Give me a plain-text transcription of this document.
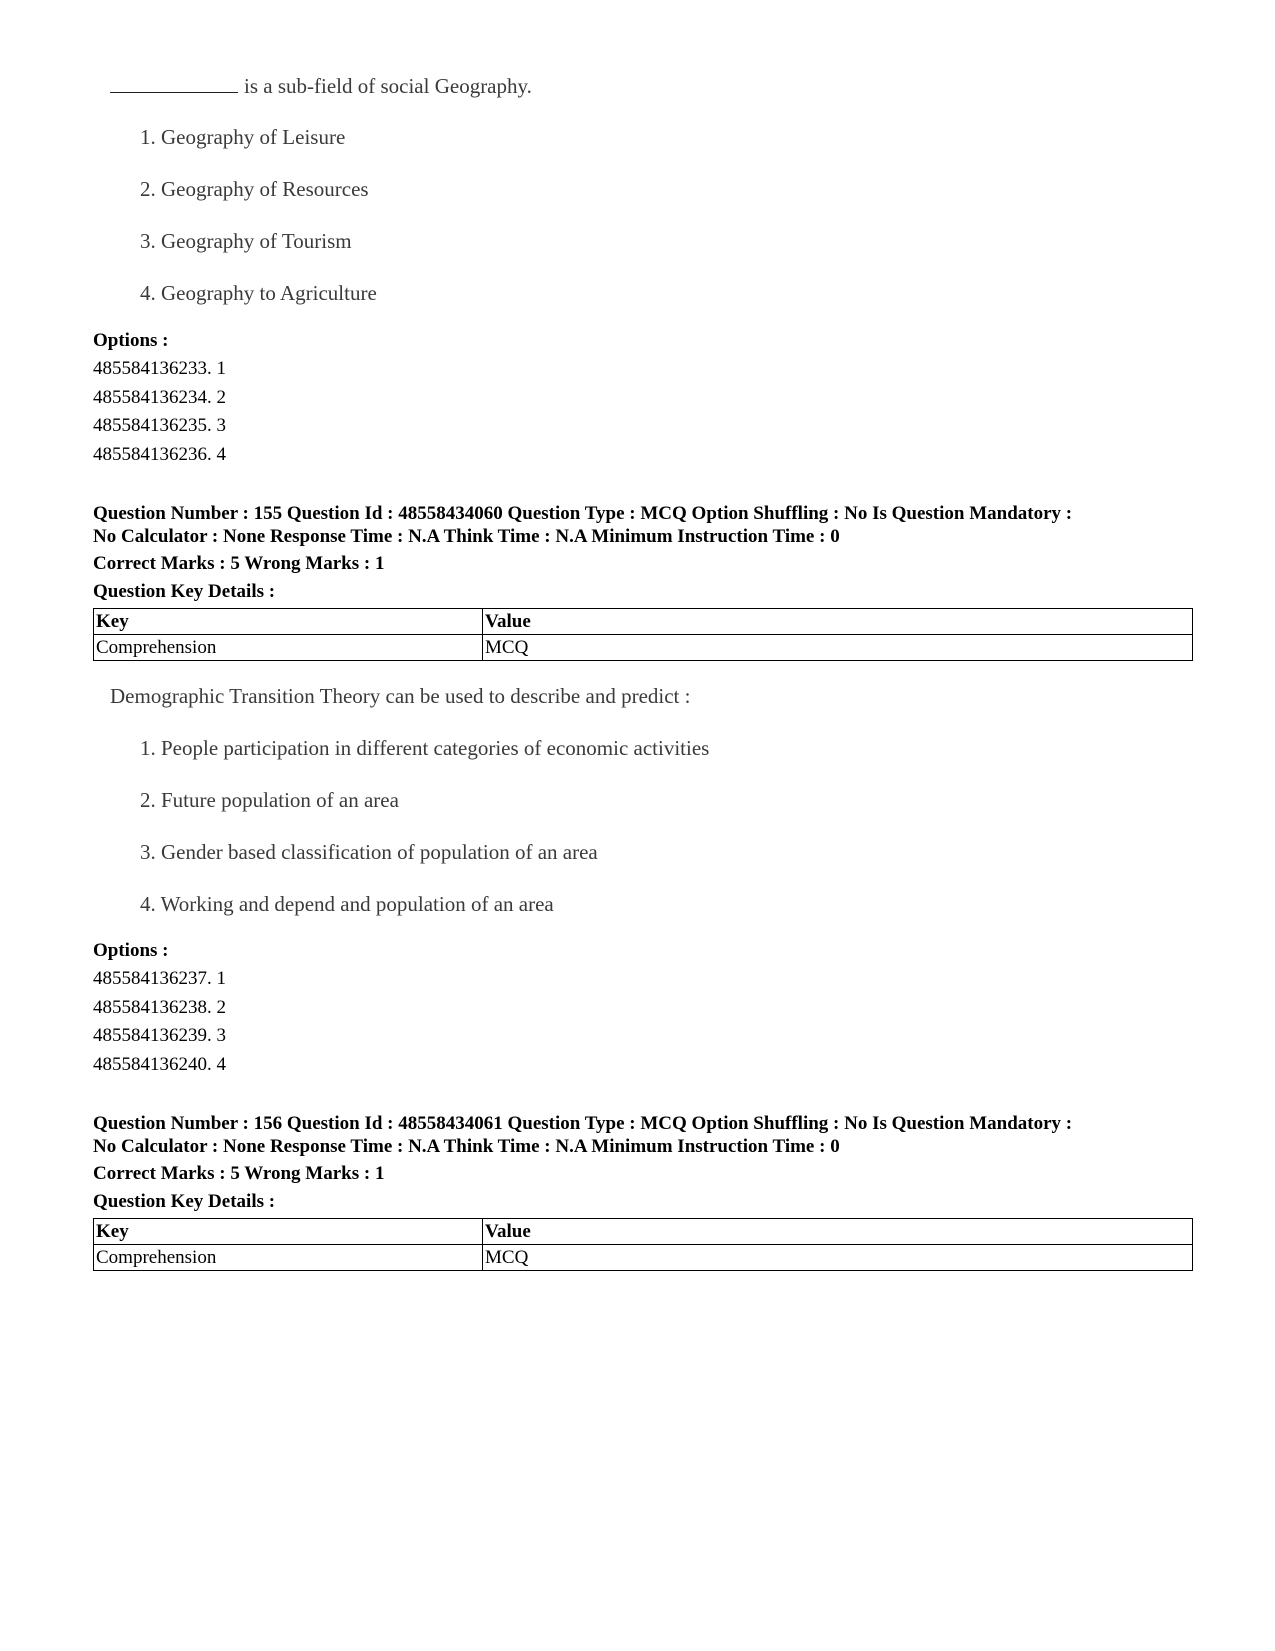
is a sub-field of social Geography.
1. Geography of Leisure
2. Geography of Resources
3. Geography of Tourism
4. Geography to Agriculture
Options :
485584136233. 1
485584136234. 2
485584136235. 3
485584136236. 4
Question Number : 155 Question Id : 48558434060 Question Type : MCQ Option Shuffling : No Is Question Mandatory :
No Calculator : None Response Time : N.A Think Time : N.A Minimum Instruction Time : 0
Correct Marks : 5 Wrong Marks : 1
Question Key Details :
Key	Value
Comprehension	MCQ
Demographic Transition Theory can be used to describe and predict :
1. People participation in different categories of economic activities
2. Future population of an area
3. Gender based classification of population of an area
4. Working and depend and population of an area
Options :
485584136237. 1
485584136238. 2
485584136239. 3
485584136240. 4
Question Number : 156 Question Id : 48558434061 Question Type : MCQ Option Shuffling : No Is Question Mandatory :
No Calculator : None Response Time : N.A Think Time : N.A Minimum Instruction Time : 0
Correct Marks : 5 Wrong Marks : 1
Question Key Details :
Key	Value
Comprehension	MCQ
